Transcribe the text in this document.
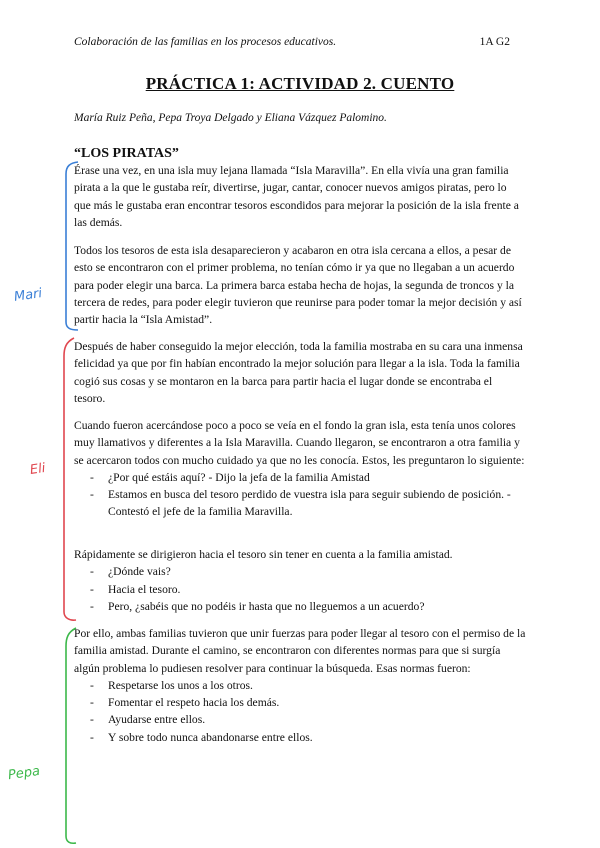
Colaboración de las familias en los procesos educativos.	1A G2
PRÁCTICA 1: ACTIVIDAD 2. CUENTO
María Ruiz Peña, Pepa Troya Delgado y Eliana Vázquez Palomino.
“LOS PIRATAS”

Érase una vez, en una isla muy lejana llamada “Isla Maravilla”. En ella vivía una gran familia pirata a la que le gustaba reír, divertirse, jugar, cantar, conocer nuevos amigos piratas, pero lo que más le gustaba eran encontrar tesoros escondidos para mejorar la posición de la isla frente a las demás.

Todos los tesoros de esta isla desaparecieron y acabaron en otra isla cercana a ellos, a pesar de esto se encontraron con el primer problema, no tenían cómo ir ya que no llegaban a un acuerdo para poder elegir una barca. La primera barca estaba hecha de hojas, la segunda de troncos y la tercera de redes, para poder elegir tuvieron que reunirse para poder tomar la mejor decisión y así partir hacia la “Isla Amistad”.

Después de haber conseguido la mejor elección, toda la familia mostraba en su cara una inmensa felicidad ya que por fin habían encontrado la mejor solución para llegar a la isla. Toda la familia cogió sus cosas y se montaron en la barca para partir hacia el lugar donde se encontraba el tesoro.

Cuando fueron acercándose poco a poco se veía en el fondo la gran isla, esta tenía unos colores muy llamativos y diferentes a la Isla Maravilla. Cuando llegaron, se encontraron a otra familia y se acercaron todos con mucho cuidado ya que no les conocía. Estos, les preguntaron lo siguiente:

- ¿Por qué estáis aquí? - Dijo la jefa de la familia Amistad
- Estamos en busca del tesoro perdido de vuestra isla para seguir subiendo de posición. - Contestó el jefe de la familia Maravilla.

Rápidamente se dirigieron hacia el tesoro sin tener en cuenta a la familia amistad.

- ¿Dónde vais?
- Hacia el tesoro.
- Pero, ¿sabéis que no podéis ir hasta que no lleguemos a un acuerdo?

Por ello, ambas familias tuvieron que unir fuerzas para poder llegar al tesoro con el permiso de la familia amistad. Durante el camino, se encontraron con diferentes normas para que si surgía algún problema lo pudiesen resolver para continuar la búsqueda. Esas normas fueron:

- Respetarse los unos a los otros.
- Fomentar el respeto hacia los demás.
- Ayudarse entre ellos.
- Y sobre todo nunca abandonarse entre ellos.
Mari
Eli
Pepa
